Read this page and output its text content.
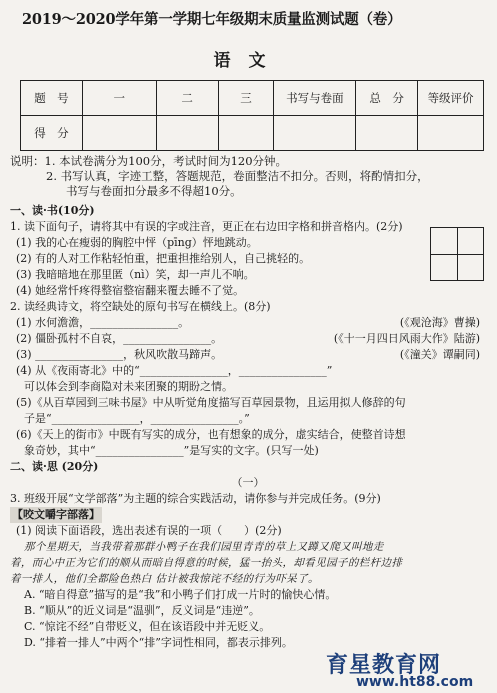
2019～2020学年第一学期七年级期末质量监测试题（卷）
语文
题　号	一	二	三	书写与卷面	总　分	等级评价
得　分						
说明：1. 本试卷满分为100分，考试时间为120分钟。
2. 书写认真，字迹工整，答题规范，卷面整洁不扣分。否则，将酌情扣分，
书写与卷面扣分最多不得超10分。
一、读·书(10分)
1. 读下面句子，请将其中有误的字或注音，更正在右边田字格和拼音格内。(2分)
(1) 我的心在瘦弱的胸腔中怦（pīng）怦地跳动。
(2) 有的人对工作粘轻怕重，把重担推给别人，自己挑轻的。
(3) 我暗暗地在那里匿（nì）笑，却一声儿不响。
(4) 她经常忏疼得整宿整宿翻来覆去睡不了觉。
2. 读经典诗文，将空缺处的原句书写在横线上。(8分)
(1) 水何澹澹，________________。	(《观沧海》曹操)
(2) 僵卧孤村不自哀，________________。	(《十一月四日风雨大作》陆游)
(3) ________________，秋风吹散马蹄声。	(《潼关》谭嗣同)
(4) 从《夜雨寄北》中的“________________，________________”
可以体会到李商隐对未来团聚的期盼之情。
(5)《从百草园到三味书屋》中从听觉角度描写百草园景物，且运用拟人修辞的句
子是“________________，________________。”
(6)《天上的街市》中既有写实的成分，也有想象的成分，虚实结合，使整首诗想
象奇妙，其中“________________”是写实的文字。(只写一处)
二、读·思 (20分)
（一）
3. 班级开展“文学部落”为主题的综合实践活动，请你参与并完成任务。(9分)
【咬文嚼字部落】
(1) 阅读下面语段，选出表述有误的一项（　　）(2分)
那个星期天，当我带着那群小鸭子在我们园里青青的草上又蹲又爬又叫地走
着，而心中正为它们的顺从而暗自得意的时候，猛一抬头，却看见园子的栏杆边排
着一排人，他们全都险色热白 估计被我惊诧不经的行为吓呆了。
A. “暗自得意”描写的是“我”和小鸭子们打成一片时的愉快心情。
B. “顺从”的近义词是“温驯”，反义词是“违逆”。
C. “惊诧不经”自带贬义，但在该语段中并无贬义。
D. “排着一排人”中两个“排”字词性相同，都表示排列。
育星教育网
www.ht88.com
